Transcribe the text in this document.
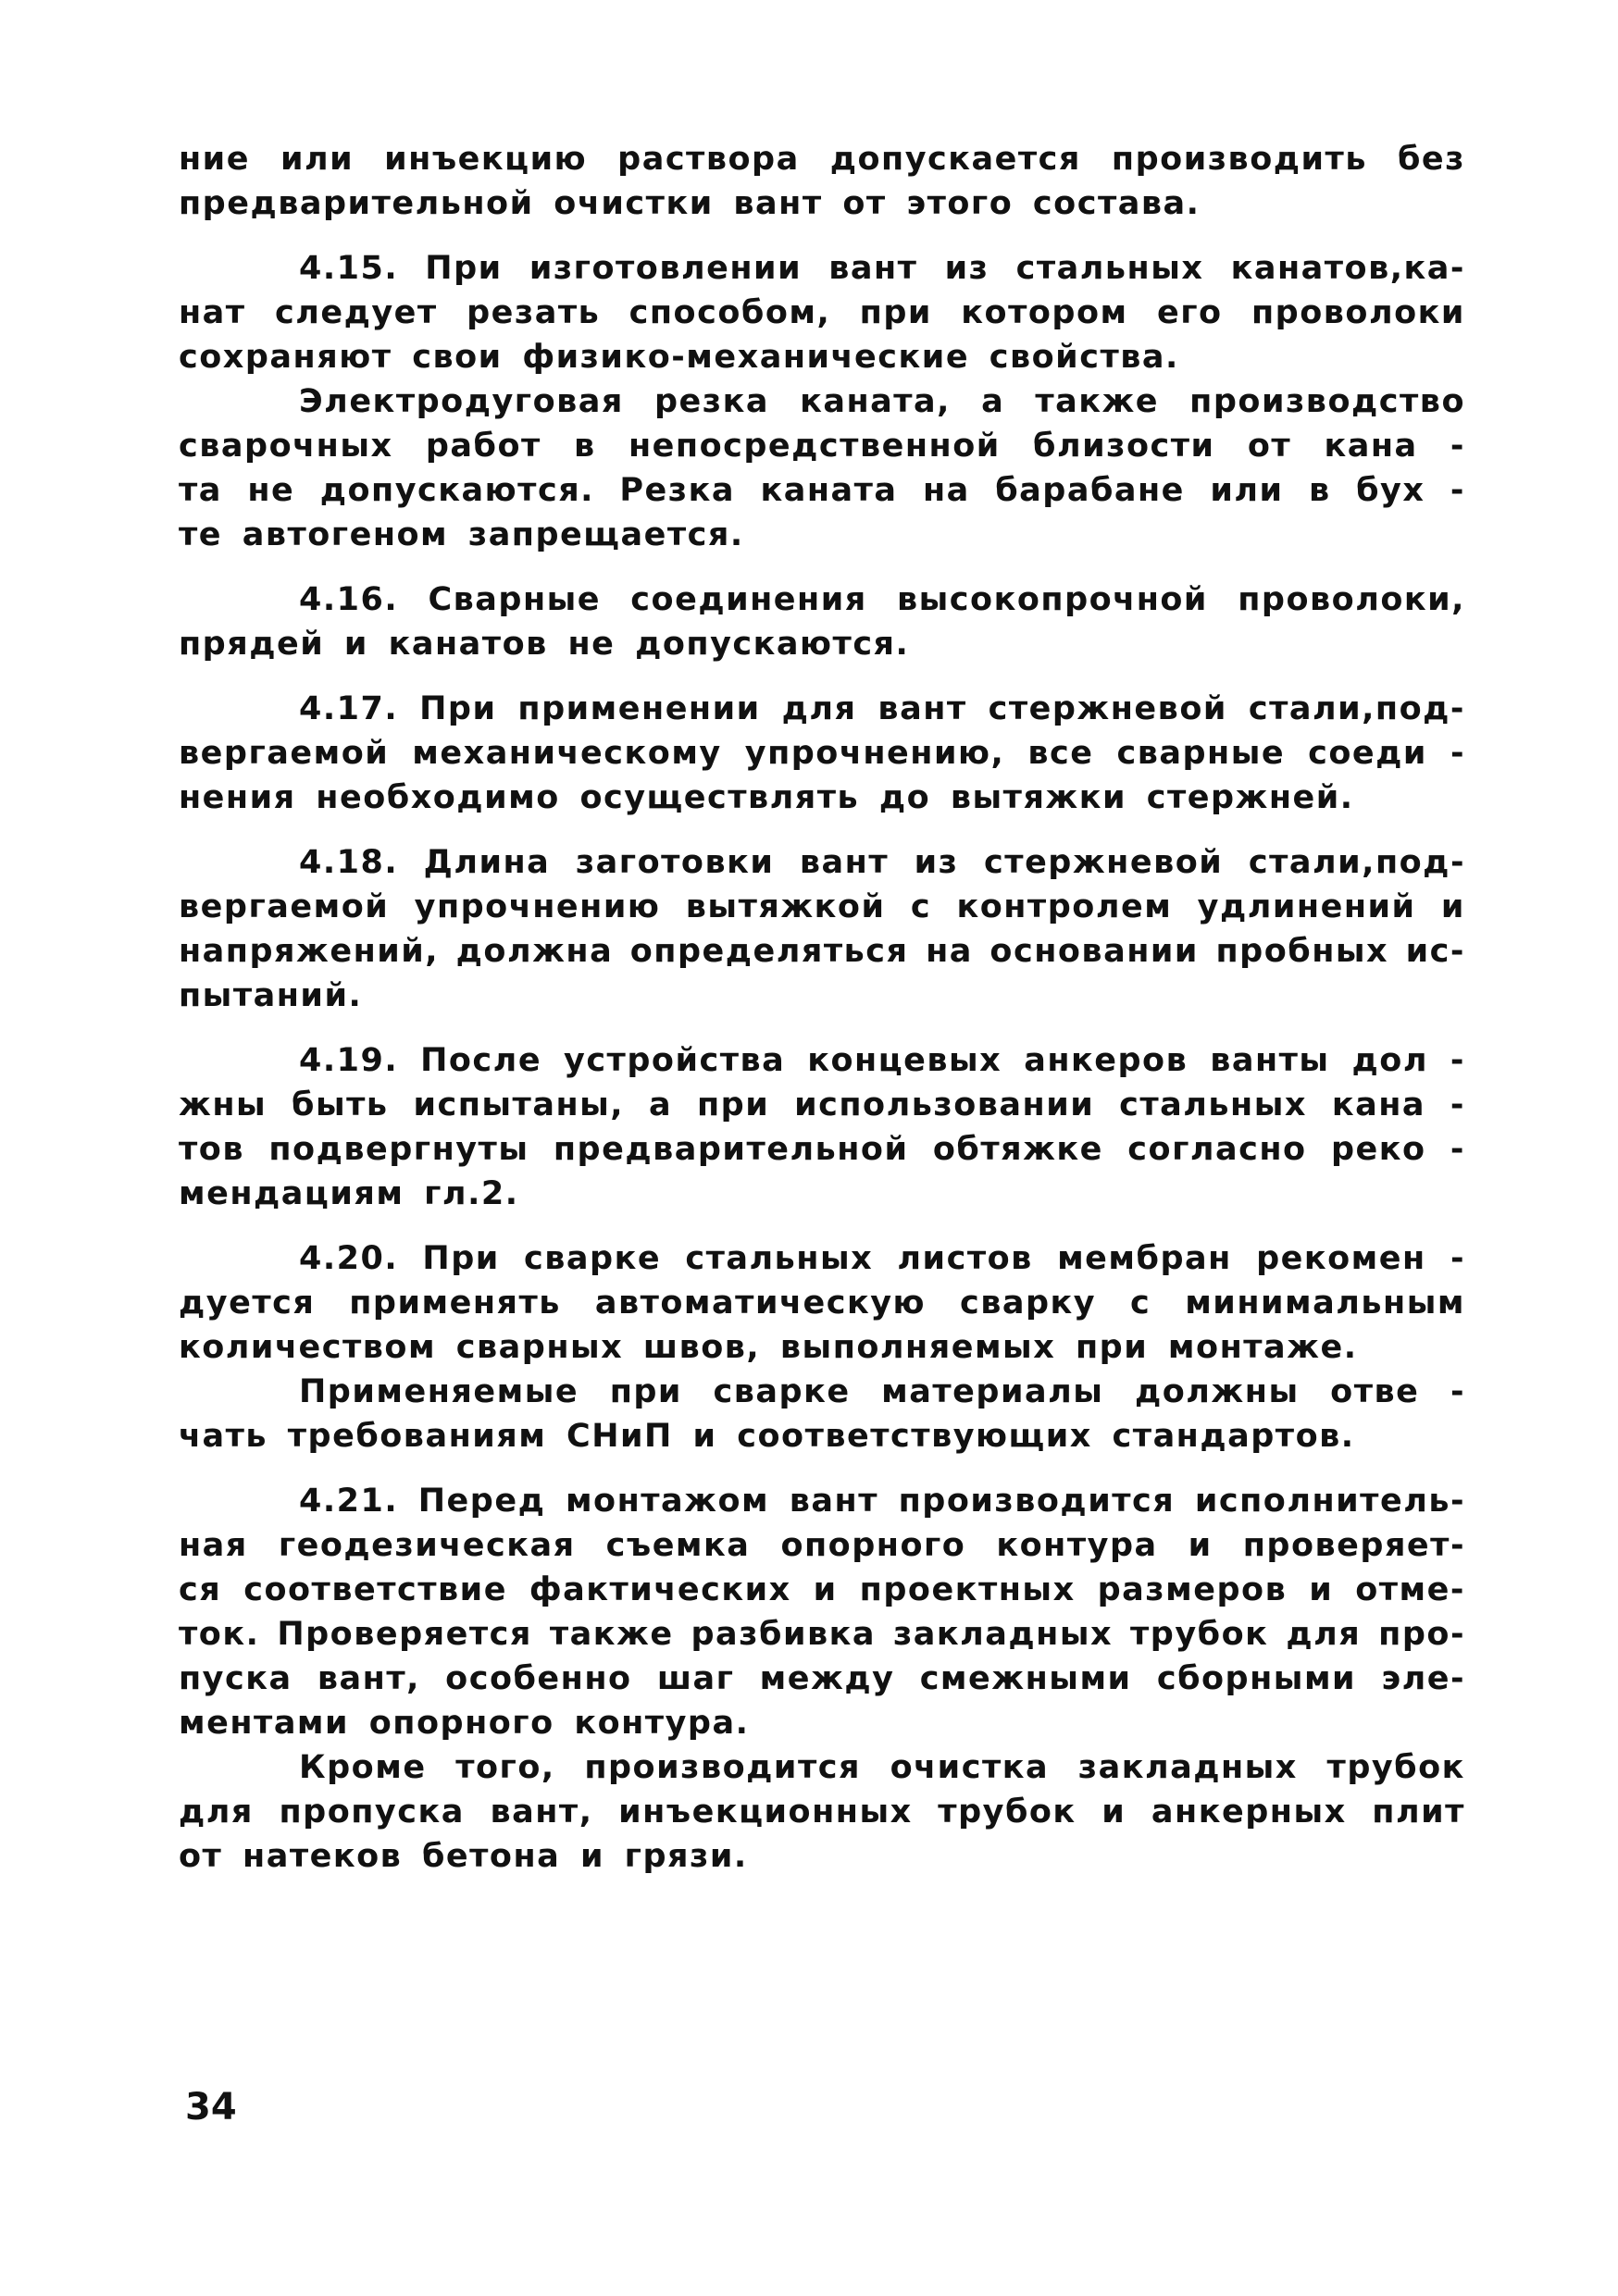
ние или инъекцию раствора допускается производить без
предварительной очистки вант от этого состава.
4.15. При изготовлении вант из стальных канатов,ка-
нат следует резать способом, при котором его проволоки
сохраняют свои физико-механические свойства.
Электродуговая резка каната, а также производство
сварочных работ в непосредственной близости от кана -
та не допускаются. Резка каната на барабане или в бух -
те автогеном запрещается.
4.16. Сварные соединения высокопрочной проволоки,
прядей и канатов не допускаются.
4.17. При применении для вант стержневой стали,под-
вергаемой механическому упрочнению, все сварные соеди -
нения необходимо осуществлять до вытяжки стержней.
4.18. Длина заготовки вант из стержневой стали,под-
вергаемой упрочнению вытяжкой с контролем удлинений и
напряжений, должна определяться на основании пробных ис-
пытаний.
4.19. После устройства концевых анкеров ванты дол -
жны быть испытаны, а при использовании стальных кана -
тов подвергнуты предварительной обтяжке согласно реко -
мендациям гл.2.
4.20. При сварке стальных листов мембран рекомен -
дуется применять автоматическую сварку с минимальным
количеством сварных швов, выполняемых при монтаже.
Применяемые при сварке материалы должны отве -
чать требованиям СНиП и соответствующих стандартов.
4.21. Перед монтажом вант производится исполнитель-
ная геодезическая съемка опорного контура и проверяет-
ся соответствие фактических и проектных размеров и отме-
ток. Проверяется также разбивка закладных трубок для про-
пуска вант, особенно шаг между смежными сборными эле-
ментами опорного контура.
Кроме того, производится очистка закладных трубок
для пропуска вант, инъекционных трубок и анкерных плит
от натеков бетона и грязи.
34
